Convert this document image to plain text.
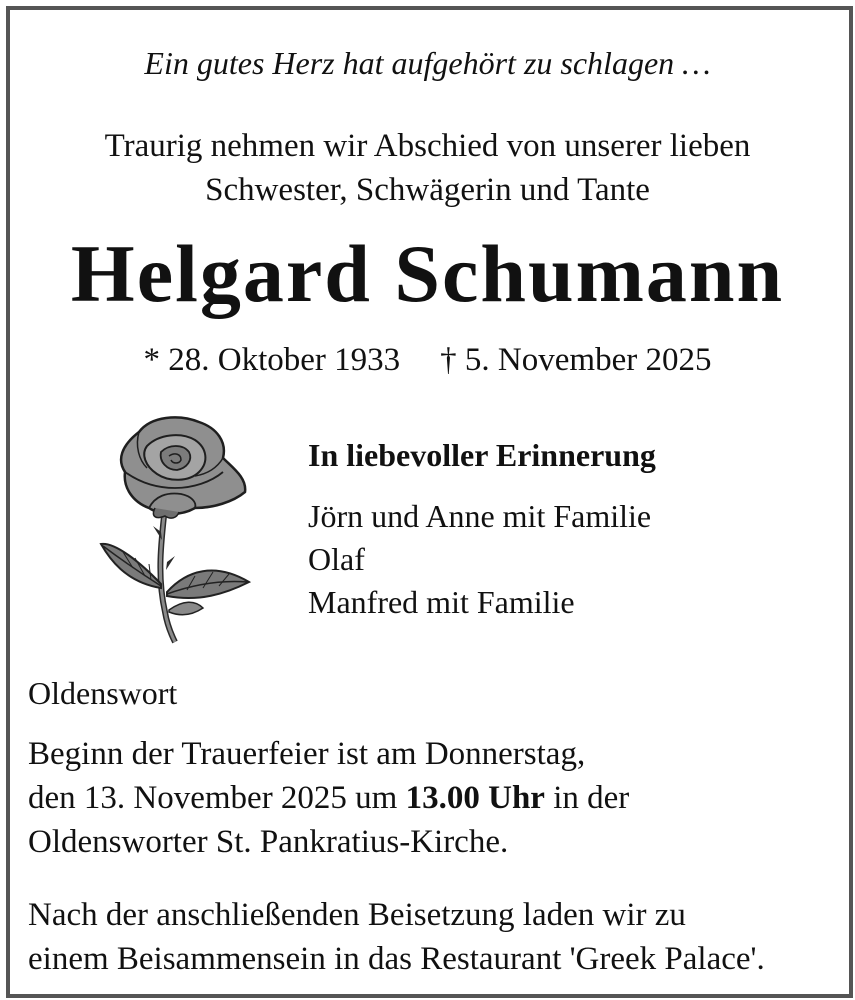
Ein gutes Herz hat aufgehört zu schlagen …
Traurig nehmen wir Abschied von unserer lieben
Schwester, Schwägerin und Tante
Helgard Schumann
* 28. Oktober 1933 † 5. November 2025
In liebevoller Erinnerung
Jörn und Anne mit Familie
Olaf
Manfred mit Familie
Oldenswort
Beginn der Trauerfeier ist am Donnerstag,
den 13. November 2025 um 13.00 Uhr in der
Oldensworter St. Pankratius-Kirche.
Nach der anschließenden Beisetzung laden wir zu
einem Beisammensein in das Restaurant 'Greek Palace'.
